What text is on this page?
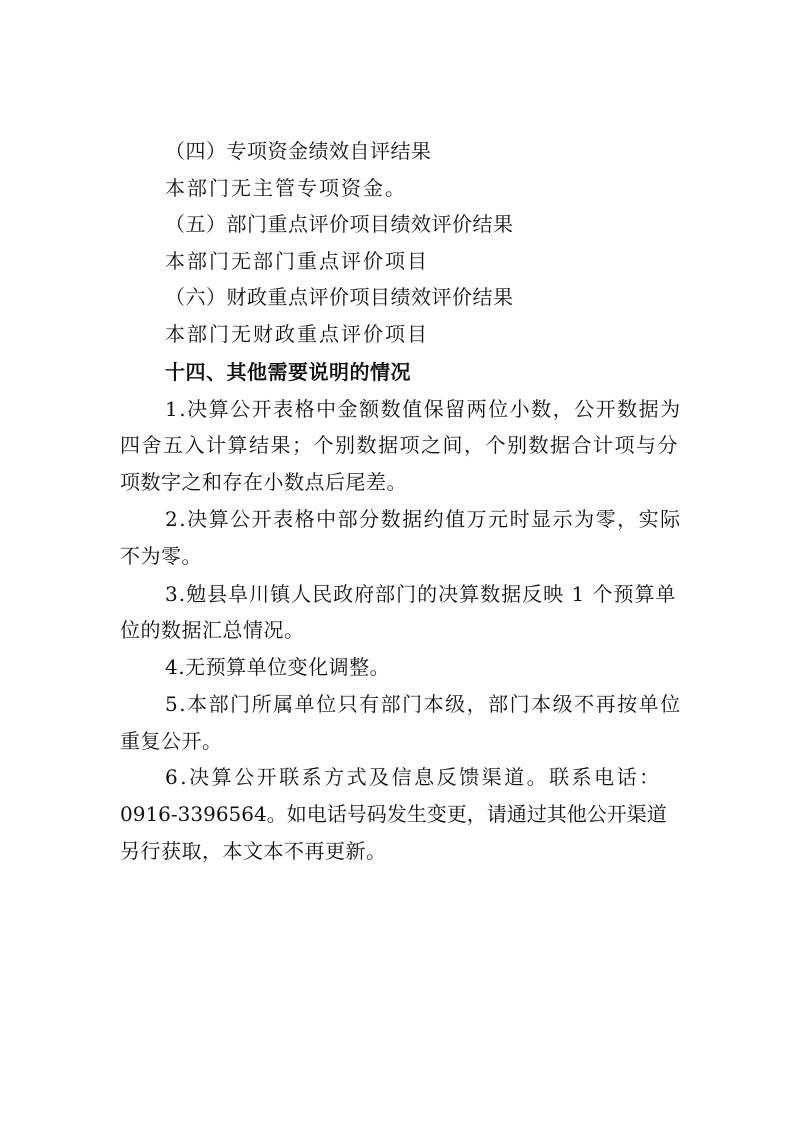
（四）专项资金绩效自评结果
本部门无主管专项资金。
（五）部门重点评价项目绩效评价结果
本部门无部门重点评价项目
（六）财政重点评价项目绩效评价结果
本部门无财政重点评价项目
十四、其他需要说明的情况
1.决算公开表格中金额数值保留两位小数，公开数据为
四舍五入计算结果；个别数据项之间，个别数据合计项与分
项数字之和存在小数点后尾差。
2.决算公开表格中部分数据约值万元时显示为零，实际
不为零。
3.勉县阜川镇人民政府部门的决算数据反映 1 个预算单
位的数据汇总情况。
4.无预算单位变化调整。
5.本部门所属单位只有部门本级，部门本级不再按单位
重复公开。
6.决算公开联系方式及信息反馈渠道。联系电话：
0916-3396564。如电话号码发生变更，请通过其他公开渠道
另行获取，本文本不再更新。
